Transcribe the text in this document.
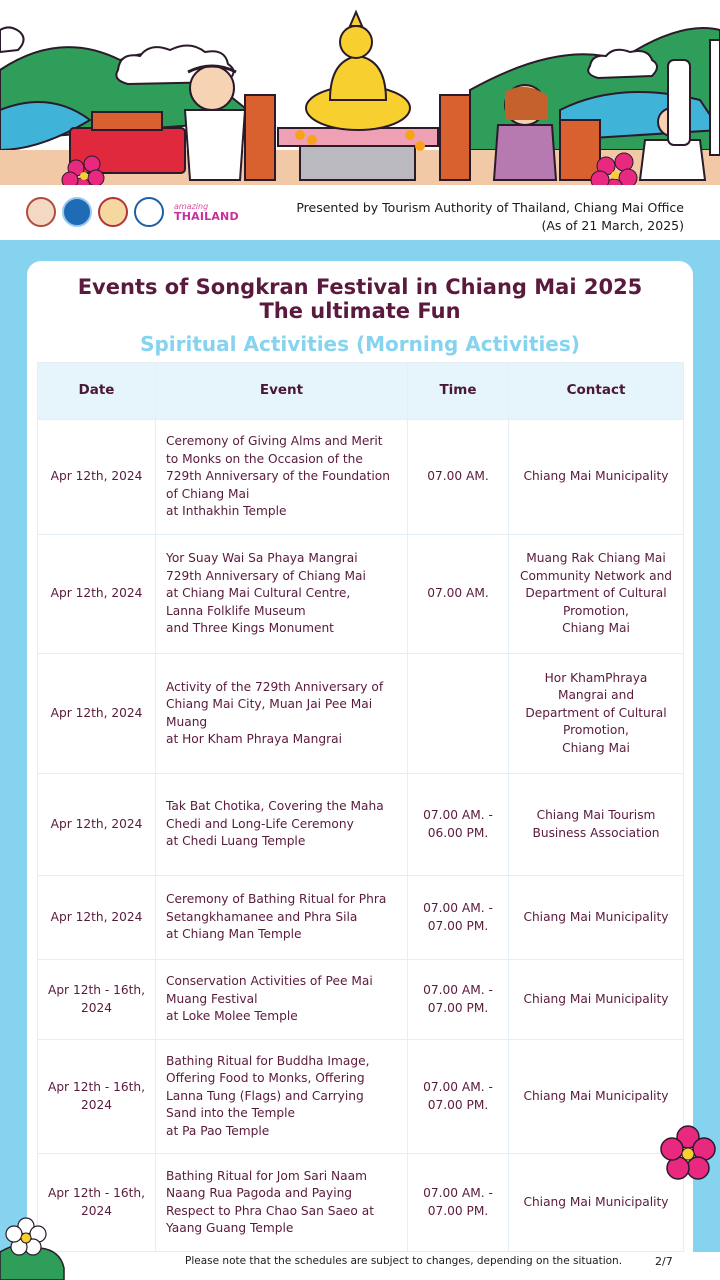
amazing
THAILAND
Presented by Tourism Authority of Thailand, Chiang Mai Office
(As of 21 March, 2025)
Events of Songkran Festival in Chiang Mai 2025
The ultimate Fun
Spiritual Activities (Morning Activities)
Date	Event	Time	Contact
Apr 12th, 2024	Ceremony of Giving Alms and Merit
to Monks on the Occasion of the
729th Anniversary of the Foundation
of Chiang Mai
at Inthakhin Temple	07.00 AM.	Chiang Mai Municipality
Apr 12th, 2024	Yor Suay Wai Sa Phaya Mangrai
729th Anniversary of Chiang Mai
at Chiang Mai Cultural Centre,
Lanna Folklife Museum
and Three Kings Monument	07.00 AM.	Muang Rak Chiang Mai
Community Network and
Department of Cultural
Promotion,
Chiang Mai
Apr 12th, 2024	Activity of the 729th Anniversary of
Chiang Mai City, Muan Jai Pee Mai
Muang
at Hor Kham Phraya Mangrai		Hor KhamPhraya
Mangrai and
Department of Cultural
Promotion,
Chiang Mai
Apr 12th, 2024	Tak Bat Chotika, Covering the Maha
Chedi and Long-Life Ceremony
at Chedi Luang Temple	07.00 AM. -
06.00 PM.	Chiang Mai Tourism
Business Association
Apr 12th, 2024	Ceremony of Bathing Ritual for Phra
Setangkhamanee and Phra Sila
at Chiang Man Temple	07.00 AM. -
07.00 PM.	Chiang Mai Municipality
Apr 12th - 16th,
2024	Conservation Activities of Pee Mai
Muang Festival
at Loke Molee Temple	07.00 AM. -
07.00 PM.	Chiang Mai Municipality
Apr 12th - 16th,
2024	Bathing Ritual for Buddha Image,
Offering Food to Monks, Offering
Lanna Tung (Flags) and Carrying
Sand into the Temple
at Pa Pao Temple	07.00 AM. -
07.00 PM.	Chiang Mai Municipality
Apr 12th - 16th,
2024	Bathing Ritual for Jom Sari Naam
Naang Rua Pagoda and Paying
Respect to Phra Chao San Saeo at
Yaang Guang Temple	07.00 AM. -
07.00 PM.	Chiang Mai Municipality
Please note that the schedules are subject to changes, depending on the situation.	2/7
